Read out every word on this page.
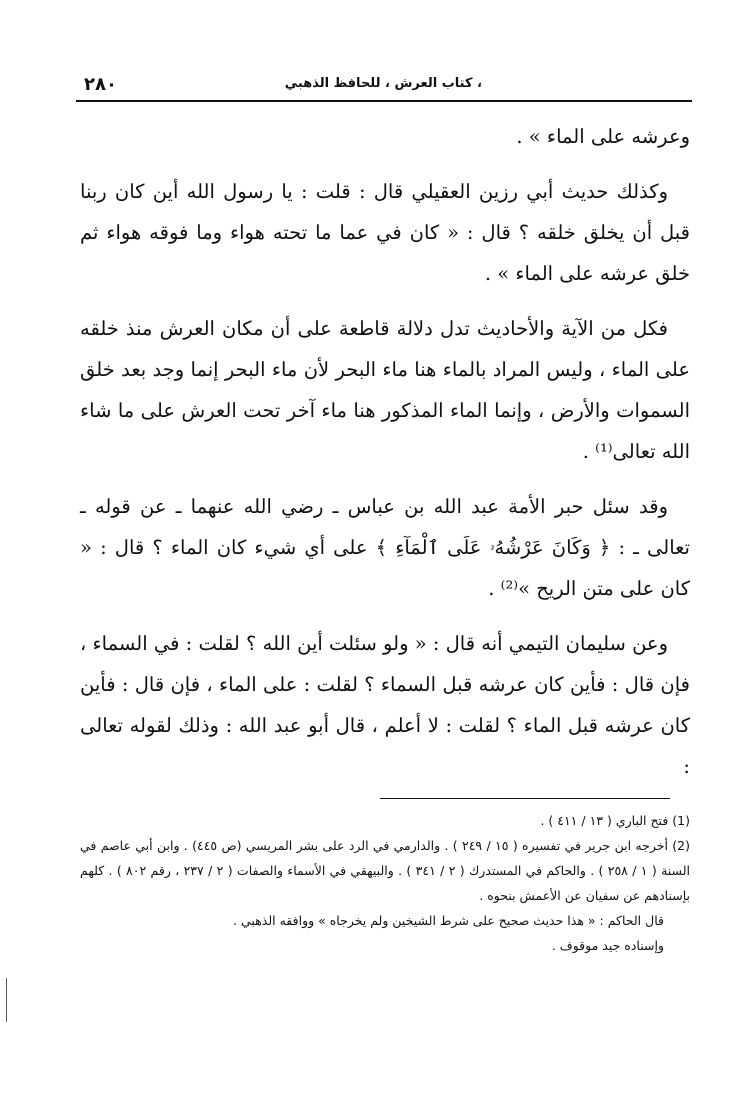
، كتاب العرش ، للحافظ الذهبي
٢٨٠

وعرشه على الماء » .

وكذلك حديث أبي رزين العقيلي قال : قلت : يا رسول الله أين كان ربنا قبل أن يخلق خلقه ؟ قال : « كان في عما ما تحته هواء وما فوقه هواء ثم خلق عرشه على الماء » .

فكل من الآية والأحاديث تدل دلالة قاطعة على أن مكان العرش منذ خلقه على الماء ، وليس المراد بالماء هنا ماء البحر لأن ماء البحر إنما وجد بعد خلق السموات والأرض ، وإنما الماء المذكور هنا ماء آخر تحت العرش على ما شاء الله تعالى⁽¹⁾ .

وقد سئل حبر الأمة عبد الله بن عباس ـ رضي الله عنهما ـ عن قوله ـ تعالى ـ : ﴿ وَكَانَ عَرْشُهُۥ عَلَى ٱلْمَآءِ ﴾ على أي شيء كان الماء ؟ قال : « كان على متن الريح »⁽²⁾ .

وعن سليمان التيمي أنه قال : « ولو سئلت أين الله ؟ لقلت : في السماء ، فإن قال : فأين كان عرشه قبل السماء ؟ لقلت : على الماء ، فإن قال : فأين كان عرشه قبل الماء ؟ لقلت : لا أعلم ، قال أبو عبد الله : وذلك لقوله تعالى :

(1) فتح الباري ( ١٣ / ٤١١ ) .

(2) أخرجه ابن جرير في تفسيره ( ١٥ / ٢٤٩ ) . والدارمي في الرد على بشر المريسي (ص ٤٤٥) . وابن أبي عاصم في السنة ( ١ / ٢٥٨ ) . والحاكم في المستدرك ( ٢ / ٣٤١ ) . والبيهقي في الأسماء والصفات ( ٢ / ٢٣٧ ، رقم ٨٠٢ ) . كلهم بإسنادهم عن سفيان عن الأعمش بنحوه .

قال الحاكم : « هذا حديث صحيح على شرط الشيخين ولم يخرجاه » ووافقه الذهبي .

وإسناده جيد موقوف .
